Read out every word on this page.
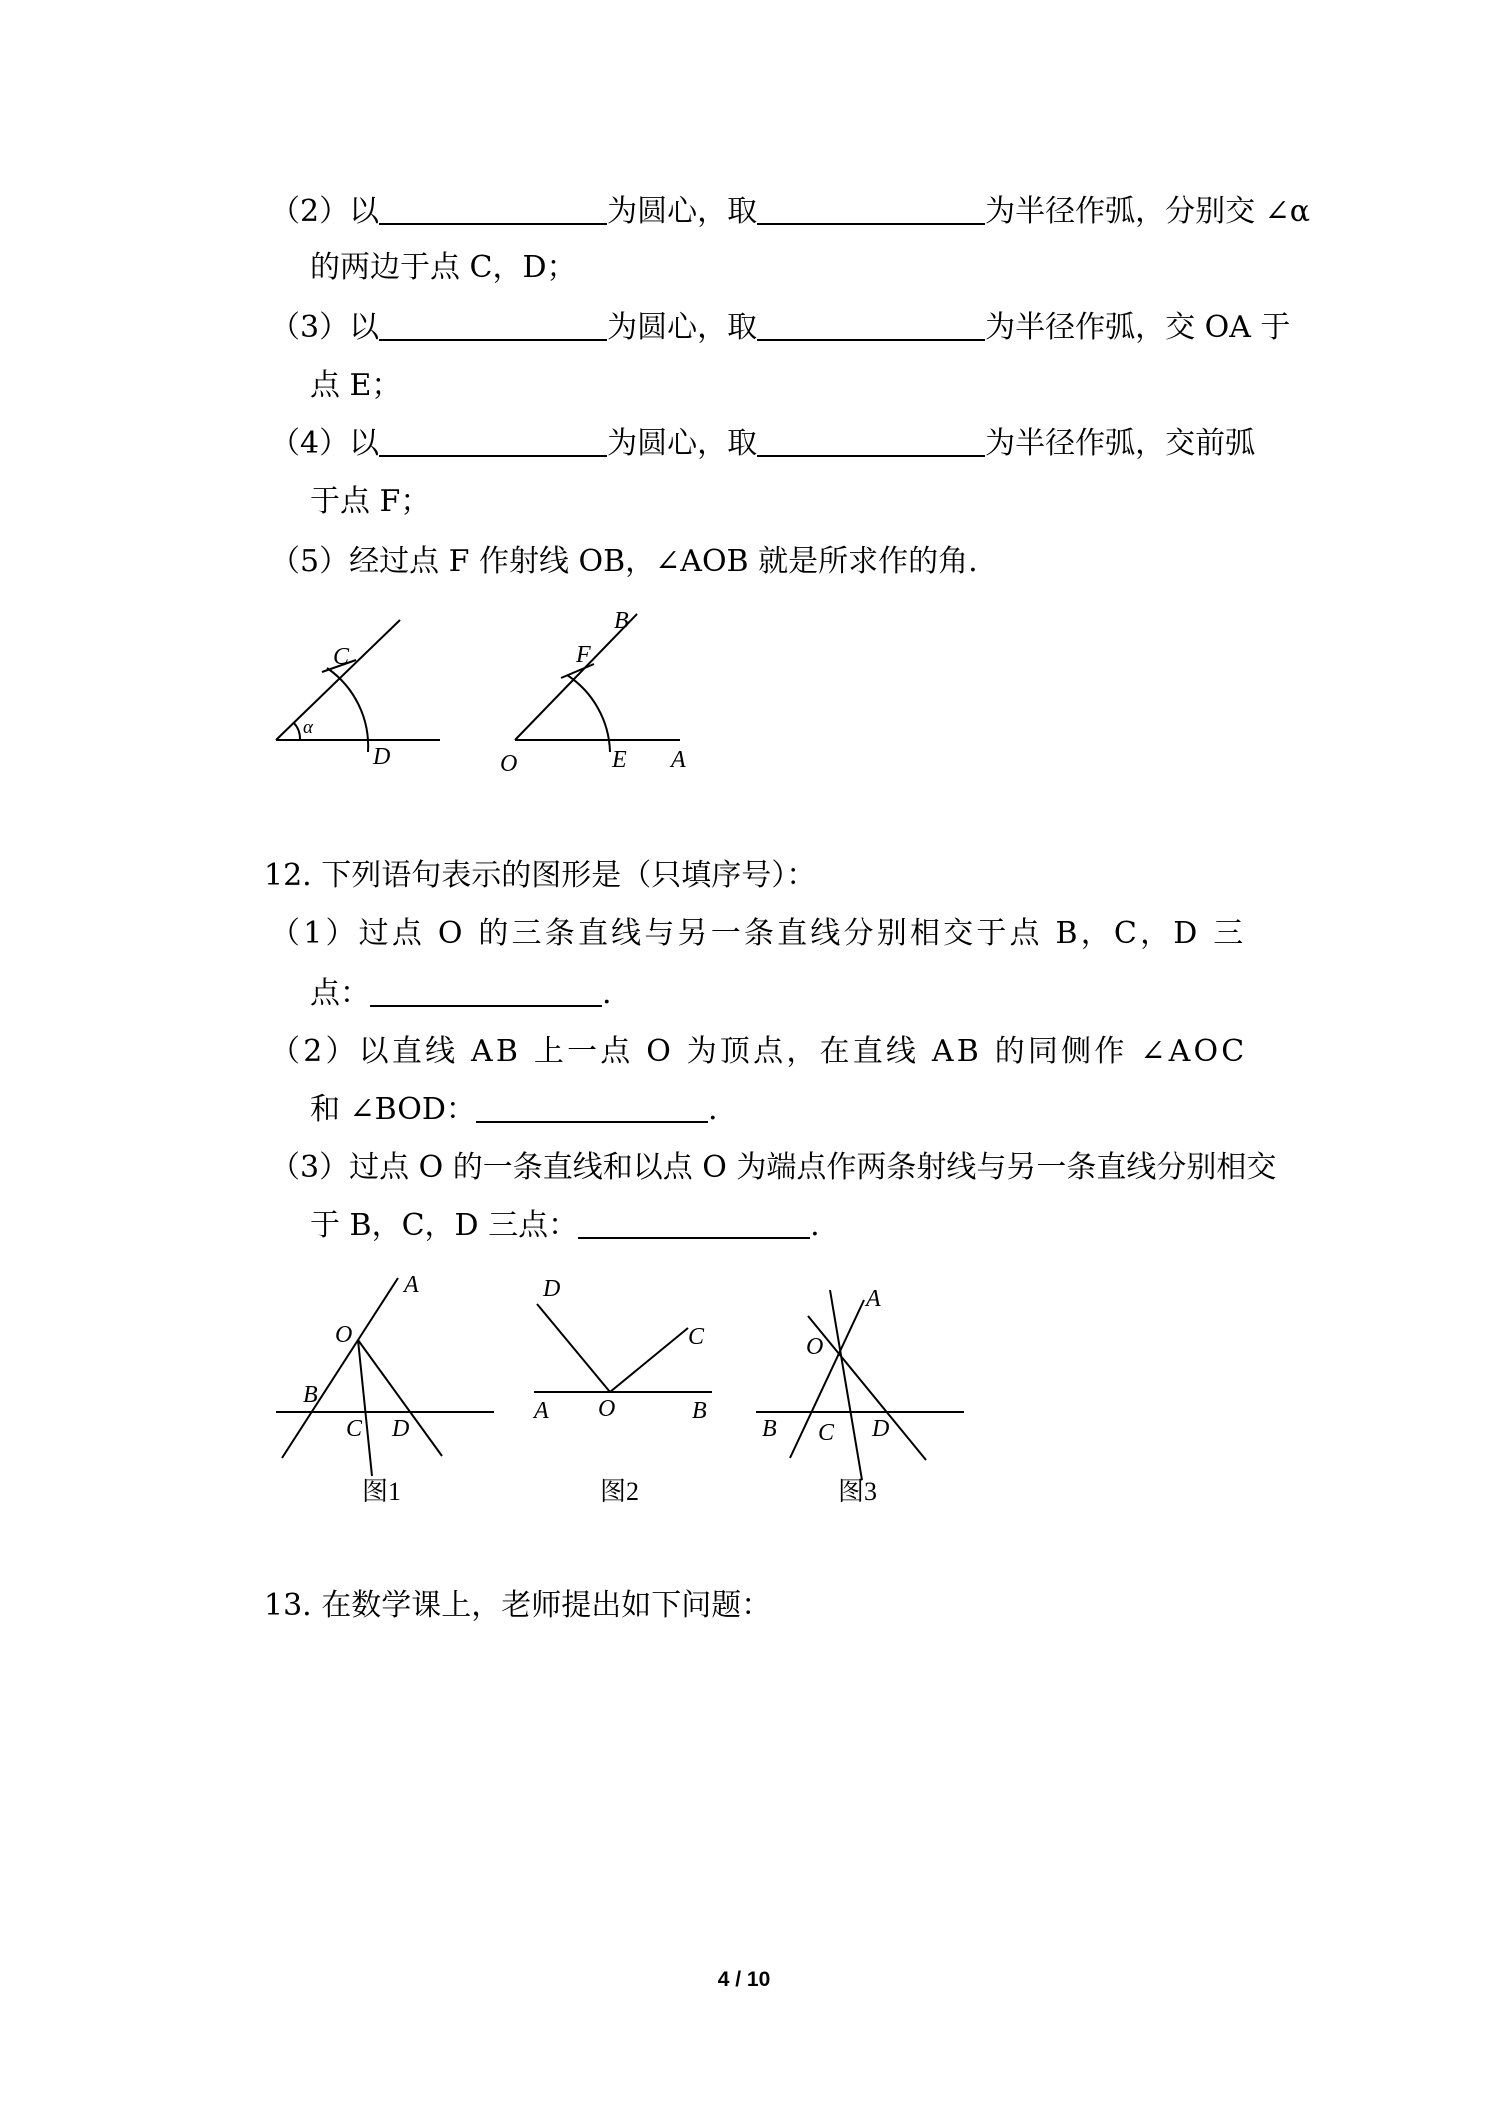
（2）以	为圆心，取	为半径作弧，分别交 ∠α
的两边于点 C，D；
（3）以	为圆心，取	为半径作弧，交 OA 于
点 E；
（4）以	为圆心，取	为半径作弧，交前弧
于点 F；
（5）经过点 F 作射线 OB，∠AOB 就是所求作的角.
C
α
D
B
F
O	E A
12. 下列语句表示的图形是（只填序号）：
（1）过点 O 的三条直线与另一条直线分别相交于点 B，C，D 三
点：	.
（2）以直线 AB 上一点 O 为顶点，在直线 AB 的同侧作 ∠AOC
和 ∠BOD：	.
（3）过点 O 的一条直线和以点 O 为端点作两条射线与另一条直线分别相交
于 B，C，D 三点：	.
A
O
B
C D
图1
D
C
A O	B
图2
A
O
B C D
图3
13. 在数学课上，老师提出如下问题：
4 / 10
